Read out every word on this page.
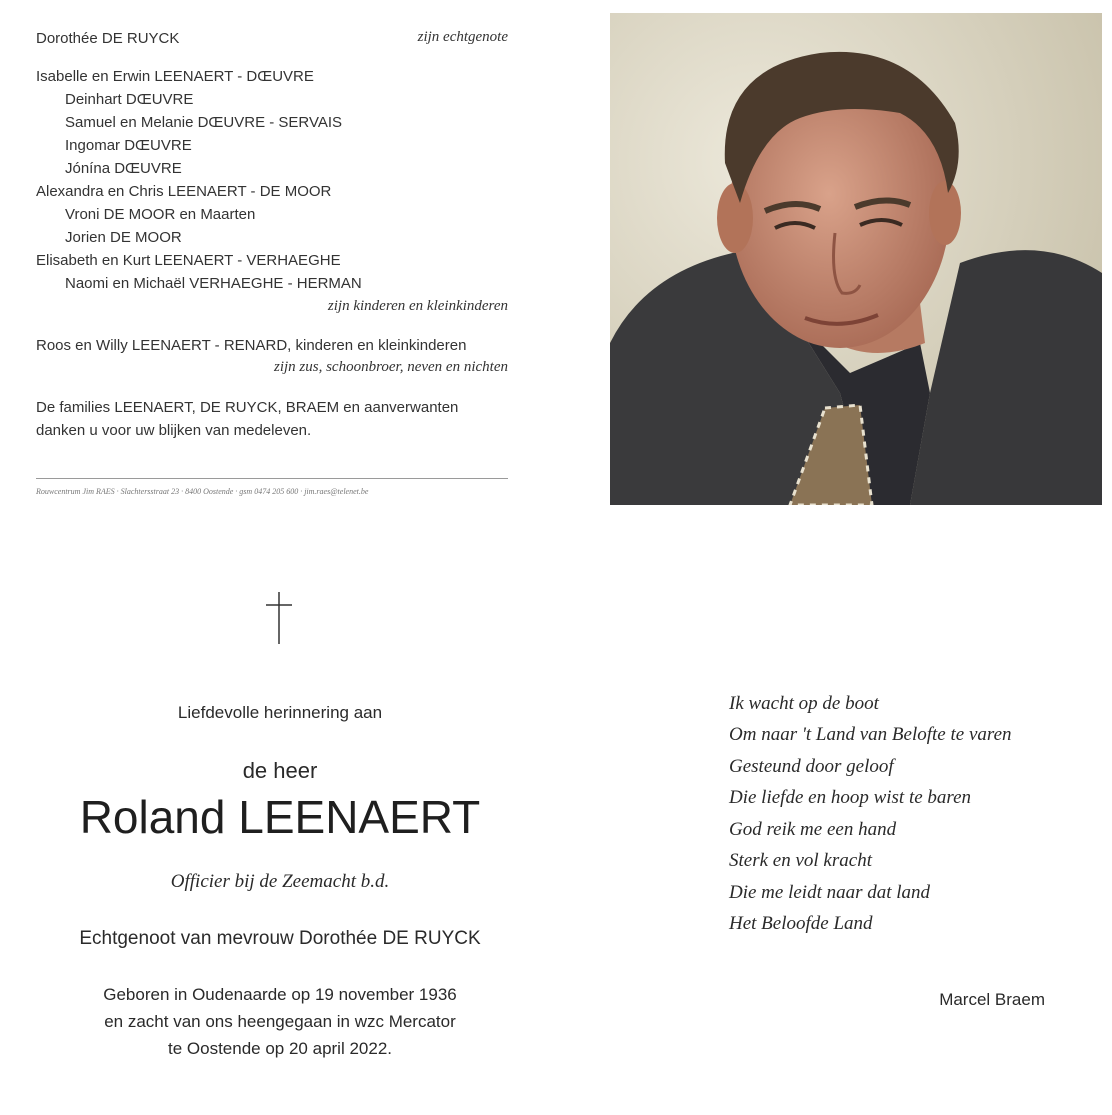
Dorothée DE RUYCK	zijn echtgenote
Isabelle en Erwin LEENAERT - DŒUVRE
Deinhart DŒUVRE
Samuel en Melanie DŒUVRE - SERVAIS
Ingomar DŒUVRE
Jónína DŒUVRE
Alexandra en Chris LEENAERT - DE MOOR
Vroni DE MOOR en Maarten
Jorien DE MOOR
Elisabeth en Kurt LEENAERT - VERHAEGHE
Naomi en Michaël VERHAEGHE - HERMAN
zijn kinderen en kleinkinderen
Roos en Willy LEENAERT - RENARD, kinderen en kleinkinderen
zijn zus, schoonbroer, neven en nichten
De families LEENAERT, DE RUYCK, BRAEM en aanverwanten
danken u voor uw blijken van medeleven.
Rouwcentrum Jim RAES · Slachtersstraat 23 · 8400 Oostende · gsm 0474 205 600 · jim.raes@telenet.be
Liefdevolle herinnering aan
de heer
Roland LEENAERT
Officier bij de Zeemacht b.d.
Echtgenoot van mevrouw Dorothée DE RUYCK
Geboren in Oudenaarde op 19 november 1936
en zacht van ons heengegaan in wzc Mercator
te Oostende op 20 april 2022.
Ik wacht op de boot
Om naar 't Land van Belofte te varen
Gesteund door geloof
Die liefde en hoop wist te baren
God reik me een hand
Sterk en vol kracht
Die me leidt naar dat land
Het Beloofde Land
Marcel Braem
